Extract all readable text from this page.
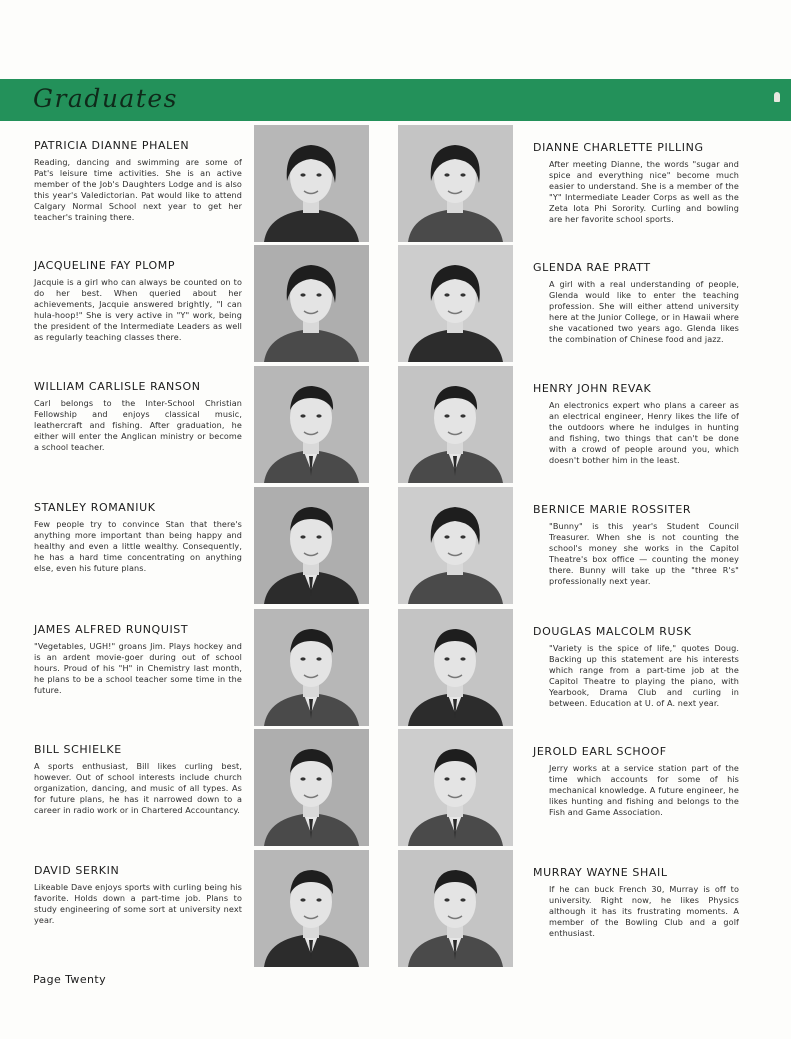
Graduates
PATRICIA DIANNE PHALEN
Reading, dancing and swimming are some of Pat's leisure time activities. She is an active member of the Job's Daughters Lodge and is also this year's Valedictorian. Pat would like to attend Calgary Normal School next year to get her teacher's training there.
DIANNE CHARLETTE PILLING
After meeting Dianne, the words "sugar and spice and everything nice" become much easier to understand. She is a member of the "Y" Intermediate Leader Corps as well as the Zeta Iota Phi Sorority. Curling and bowling are her favorite school sports.
JACQUELINE FAY PLOMP
Jacquie is a girl who can always be counted on to do her best. When queried about her achievements, Jacquie answered brightly, "I can hula-hoop!" She is very active in "Y" work, being the president of the Intermediate Leaders as well as regularly teaching classes there.
GLENDA RAE PRATT
A girl with a real understanding of people, Glenda would like to enter the teaching profession. She will either attend university here at the Junior College, or in Hawaii where she vacationed two years ago. Glenda likes the combination of Chinese food and jazz.
WILLIAM CARLISLE RANSON
Carl belongs to the Inter-School Christian Fellowship and enjoys classical music, leathercraft and fishing. After graduation, he either will enter the Anglican ministry or become a school teacher.
HENRY JOHN REVAK
An electronics expert who plans a career as an electrical engineer, Henry likes the life of the outdoors where he indulges in hunting and fishing, two things that can't be done with a crowd of people around you, which doesn't bother him in the least.
STANLEY ROMANIUK
Few people try to convince Stan that there's anything more important than being happy and healthy and even a little wealthy. Consequently, he has a hard time concentrating on anything else, even his future plans.
BERNICE MARIE ROSSITER
"Bunny" is this year's Student Council Treasurer. When she is not counting the school's money she works in the Capitol Theatre's box office — counting the money there. Bunny will take up the "three R's" professionally next year.
JAMES ALFRED RUNQUIST
"Vegetables, UGH!" groans Jim. Plays hockey and is an ardent movie-goer during out of school hours. Proud of his "H" in Chemistry last month, he plans to be a school teacher some time in the future.
DOUGLAS MALCOLM RUSK
"Variety is the spice of life," quotes Doug. Backing up this statement are his interests which range from a part-time job at the Capitol Theatre to playing the piano, with Yearbook, Drama Club and curling in between. Education at U. of A. next year.
BILL SCHIELKE
A sports enthusiast, Bill likes curling best, however. Out of school interests include church organization, dancing, and music of all types. As for future plans, he has it narrowed down to a career in radio work or in Chartered Accountancy.
JEROLD EARL SCHOOF
Jerry works at a service station part of the time which accounts for some of his mechanical knowledge. A future engineer, he likes hunting and fishing and belongs to the Fish and Game Association.
DAVID SERKIN
Likeable Dave enjoys sports with curling being his favorite. Holds down a part-time job. Plans to study engineering of some sort at university next year.
MURRAY WAYNE SHAIL
If he can buck French 30, Murray is off to university. Right now, he likes Physics although it has its frustrating moments. A member of the Bowling Club and a golf enthusiast.
Page Twenty
